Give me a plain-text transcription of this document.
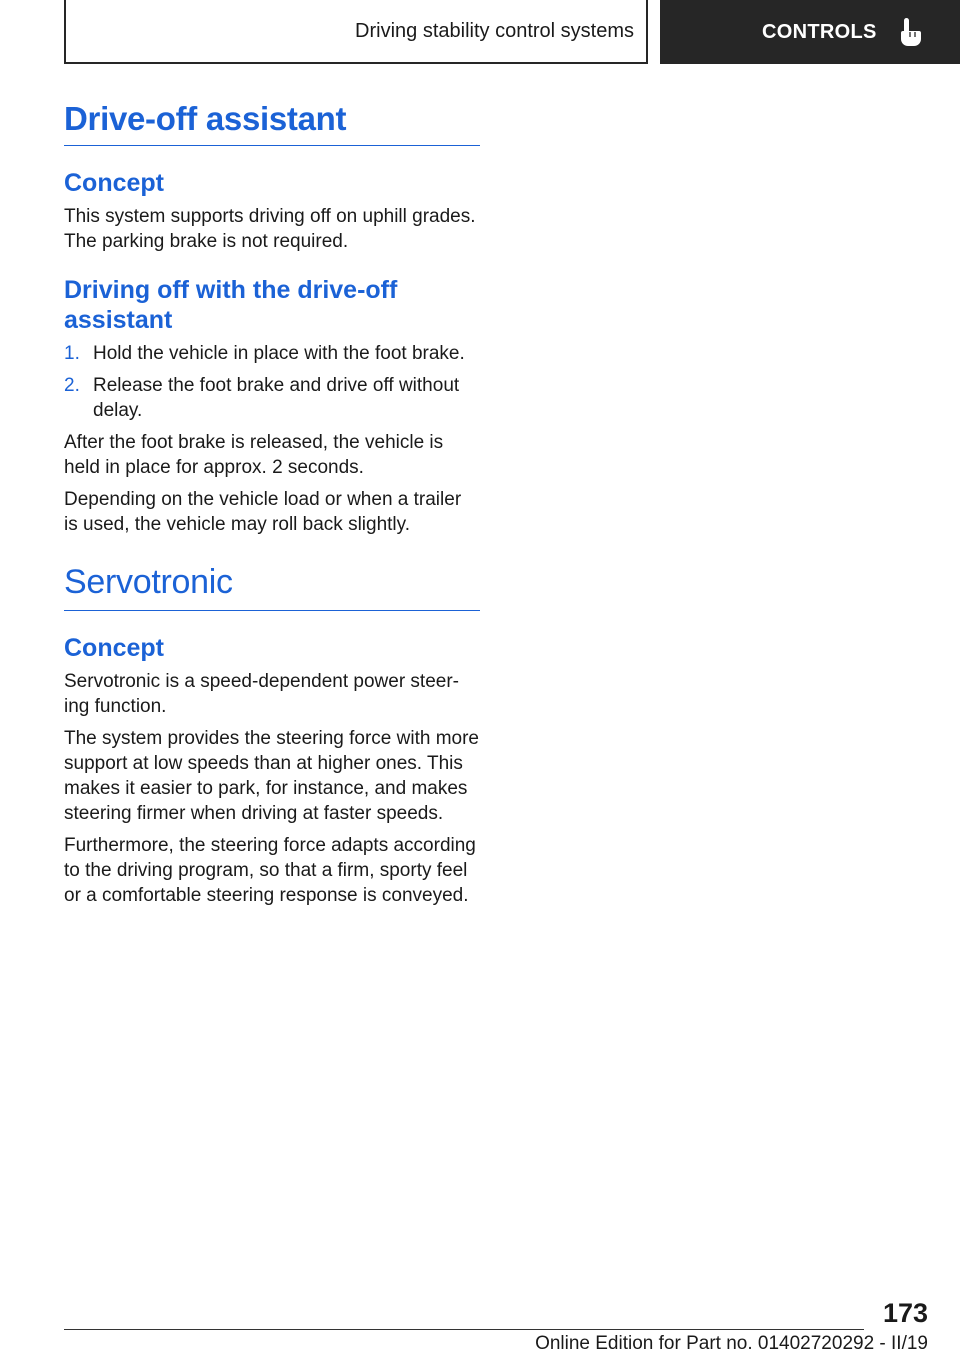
Driving stability control systems	CONTROLS
Drive-off assistant
Concept

This system supports driving off on uphill grades. The parking brake is not required.

Driving off with the drive-off assistant
1. Hold the vehicle in place with the foot brake.
2. Release the foot brake and drive off without delay.

After the foot brake is released, the vehicle is held in place for approx. 2 seconds.

Depending on the vehicle load or when a trailer is used, the vehicle may roll back slightly.

Servotronic
Concept

Servotronic is a speed-dependent power steer-ing function.

The system provides the steering force with more support at low speeds than at higher ones. This makes it easier to park, for instance, and makes steering firmer when driving at faster speeds.

Furthermore, the steering force adapts according to the driving program, so that a firm, sporty feel or a comfortable steering response is conveyed.

173
Online Edition for Part no. 01402720292 - II/19
